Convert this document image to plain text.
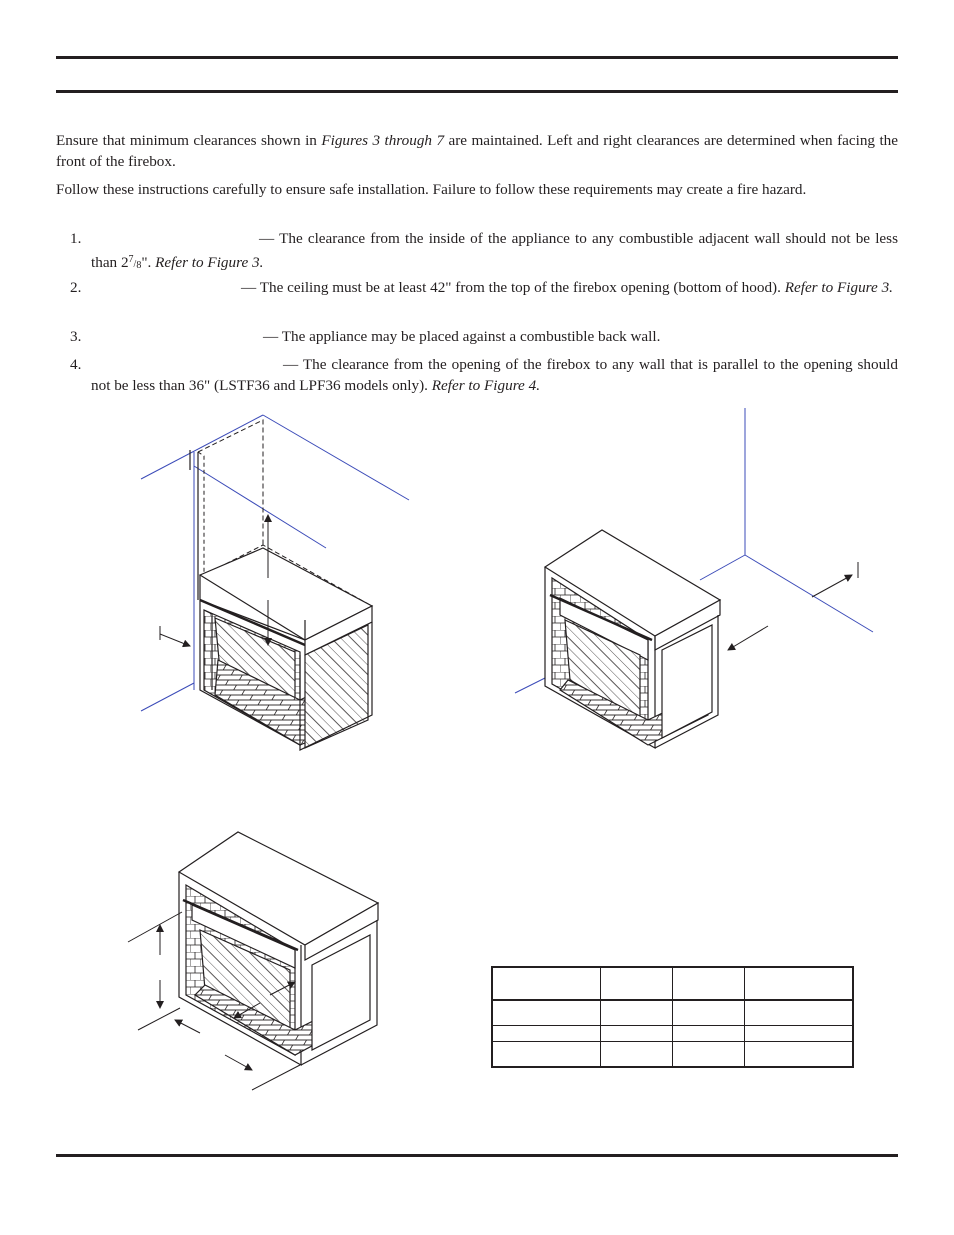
Ensure that minimum clearances shown in Figures 3 through 7 are maintained. Left and right clearances are determined when facing the front of the firebox.

Follow these instructions carefully to ensure safe installation. Failure to follow these requirements may create a fire hazard.

1.	— The clearance from the inside of the appliance to any combustible adjacent wall should not be less than 27/8". Refer to Figure 3.
2.	— The ceiling must be at least 42" from the top of the firebox opening (bottom of hood). Refer to Figure 3.
3.	— The appliance may be placed against a combustible back wall.
4.	— The clearance from the opening of the firebox to any wall that is parallel to the opening should not be less than 36" (LSTF36 and LPF36 models only). Refer to Figure 4.
